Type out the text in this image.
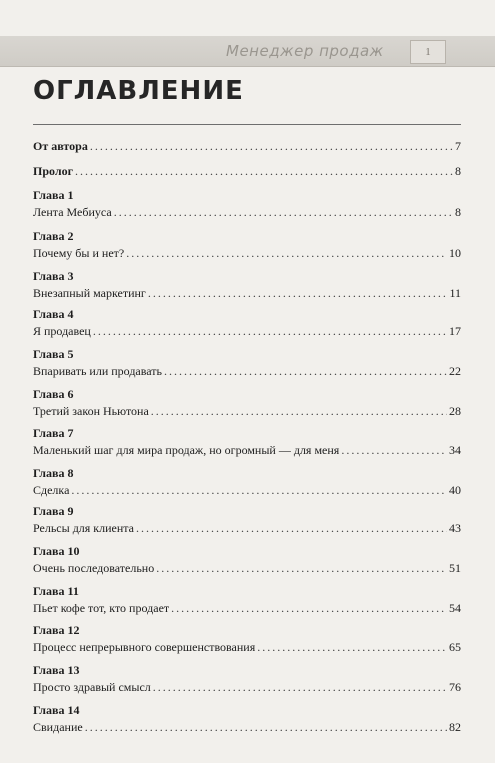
Менеджер продаж	1
ОГЛАВЛЕНИЕ
От автора .....	7
Пролог .....	8
Глава 1
Лента Мебиуса .....	8
Глава 2
Почему бы и нет? .....	10
Глава 3
Внезапный маркетинг .....	11
Глава 4
Я продавец .....	17
Глава 5
Впаривать или продавать .....	22
Глава 6
Третий закон Ньютона .....	28
Глава 7
Маленький шаг для мира продаж, но огромный — для меня .....	34
Глава 8
Сделка .....	40
Глава 9
Рельсы для клиента .....	43
Глава 10
Очень последовательно .....	51
Глава 11
Пьет кофе тот, кто продает .....	54
Глава 12
Процесс непрерывного совершенствования .....	65
Глава 13
Просто здравый смысл .....	76
Глава 14
Свидание .....	82
